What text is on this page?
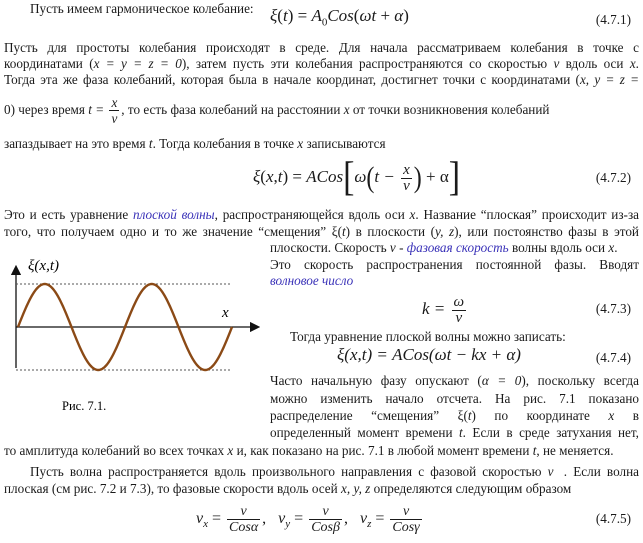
Пусть имеем гармоническое колебание: $\xi(t) = A_0Cos(\omega t + \alpha)$	(4.7.1)
Пусть для простоты колебания происходят в среде. Для начала рассматриваем колебания в точке с
координатами (x = y = z = 0), затем пусть эти колебания распространяются со скоростью v вдоль оси x.
Тогда эта же фаза колебаний, которая была в начале координат, достигнет точки с координатами (x, y = z =
0) через время $t = \frac{x}{v}$ , то есть фаза колебаний на расстоянии x от точки возникновения колебаний
запаздывает на это время t. Тогда колебания в точке x записываются
ξ(x,t) = ACos[ω(t − $\frac{x}{v}$ ) + α]	(4.7.2)
Это и есть уравнение плоской волны, распространяющейся вдоль оси x. Название “плоская” происходит из-за
того, что получаем одно и то же значение “смещения” ξ(t) в плоскости (y, z), или постоянство фазы в этой
плоскости. Скорость v - фазовая скорость волны вдоль оси x.
Это скорость распространения постоянной фазы. Вводят
волновое число
$k = \frac{\omega}{v}$	(4.7.3)
Тогда уравнение плоской волны можно записать:
ξ(x,t) = ACos(ωt − kx + α)	(4.7.4)
Часто начальную фазу опускают (α = 0), поскольку всегда
можно изменить начало отсчета. На рис. 7.1 показано
распределение “смещения” ξ(t) по координате x в
определенный момент времени t. Если в среде затухания нет,
то амплитуда колебаний во всех точках x и, как показано на рис. 7.1 в любой момент времени t, не меняется.
Пусть волна распространяется вдоль произвольного направления с фазовой скоростью v⃗. Если волна
плоская (см рис. 7.2 и 7.3), то фазовые скорости вдоль осей x, y, z определяются следующим образом
$v_x = \frac{v}{\text{Cosα}}$ ,   $v_y = \frac{v}{\text{Cosβ}}$ ,   $v_z = \frac{v}{\text{Cosγ}}$	(4.7.5)
ξ(x,t)
x
Рис. 7.1.
